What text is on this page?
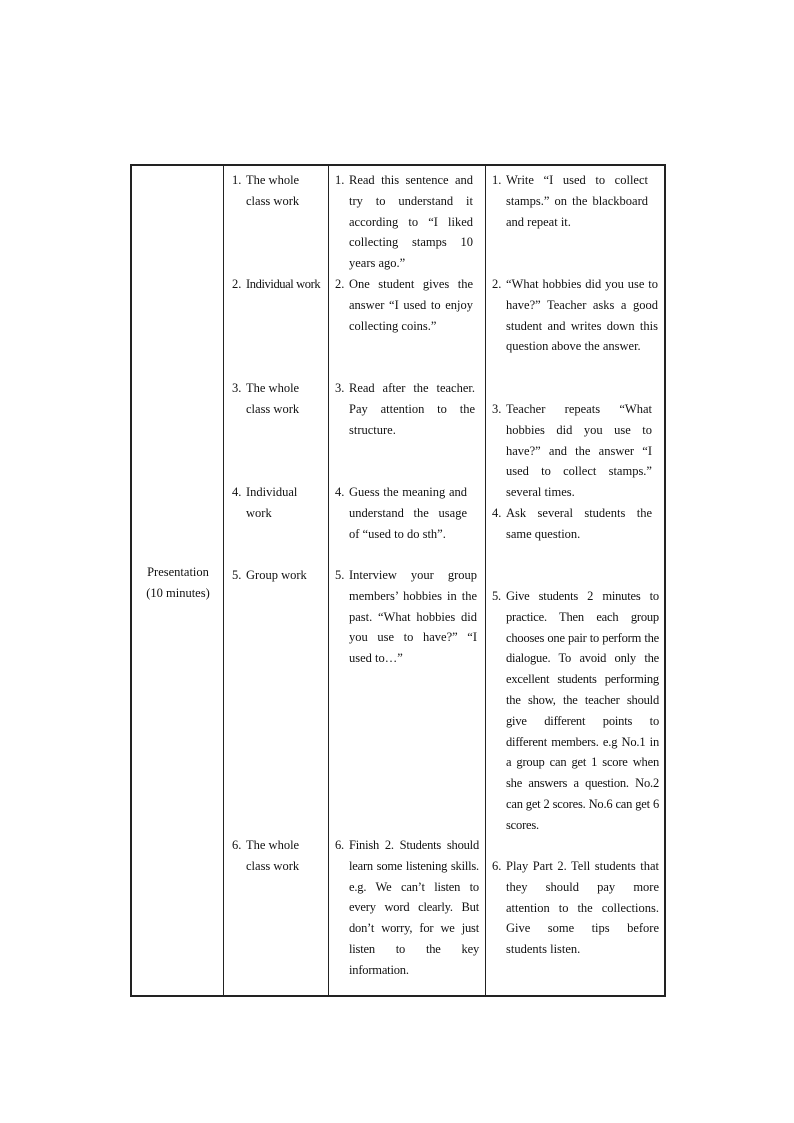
Presentation
(10 minutes)
1. The whole class work
2. Individual work
3. The whole class work
4. Individual work
5. Group work
6. The whole class work
1. Read this sentence and try to understand it according to “I liked collecting stamps 10 years ago.”
2. One student gives the answer “I used to enjoy collecting coins.”
3. Read after the teacher. Pay attention to the structure.
4. Guess the meaning and understand the usage of “used to do sth”.
5. Interview your group members’ hobbies in the past. “What hobbies did you use to have?” “I used to…”
6. Finish 2. Students should learn some listening skills. e.g. We can’t listen to every word clearly. But don’t worry, for we just listen to the key information.
1. Write “I used to collect stamps.” on the blackboard and repeat it.
2. “What hobbies did you use to have?” Teacher asks a good student and writes down this question above the answer.
3. Teacher repeats “What hobbies did you use to have?” and the answer “I used to collect stamps.” several times.
4. Ask several students the same question.
5. Give students 2 minutes to practice. Then each group chooses one pair to perform the dialogue. To avoid only the excellent students performing the show, the teacher should give different points to different members. e.g No.1 in a group can get 1 score when she answers a question. No.2 can get 2 scores. No.6 can get 6 scores.
6. Play Part 2. Tell students that they should pay more attention to the collections. Give some tips before students listen.
